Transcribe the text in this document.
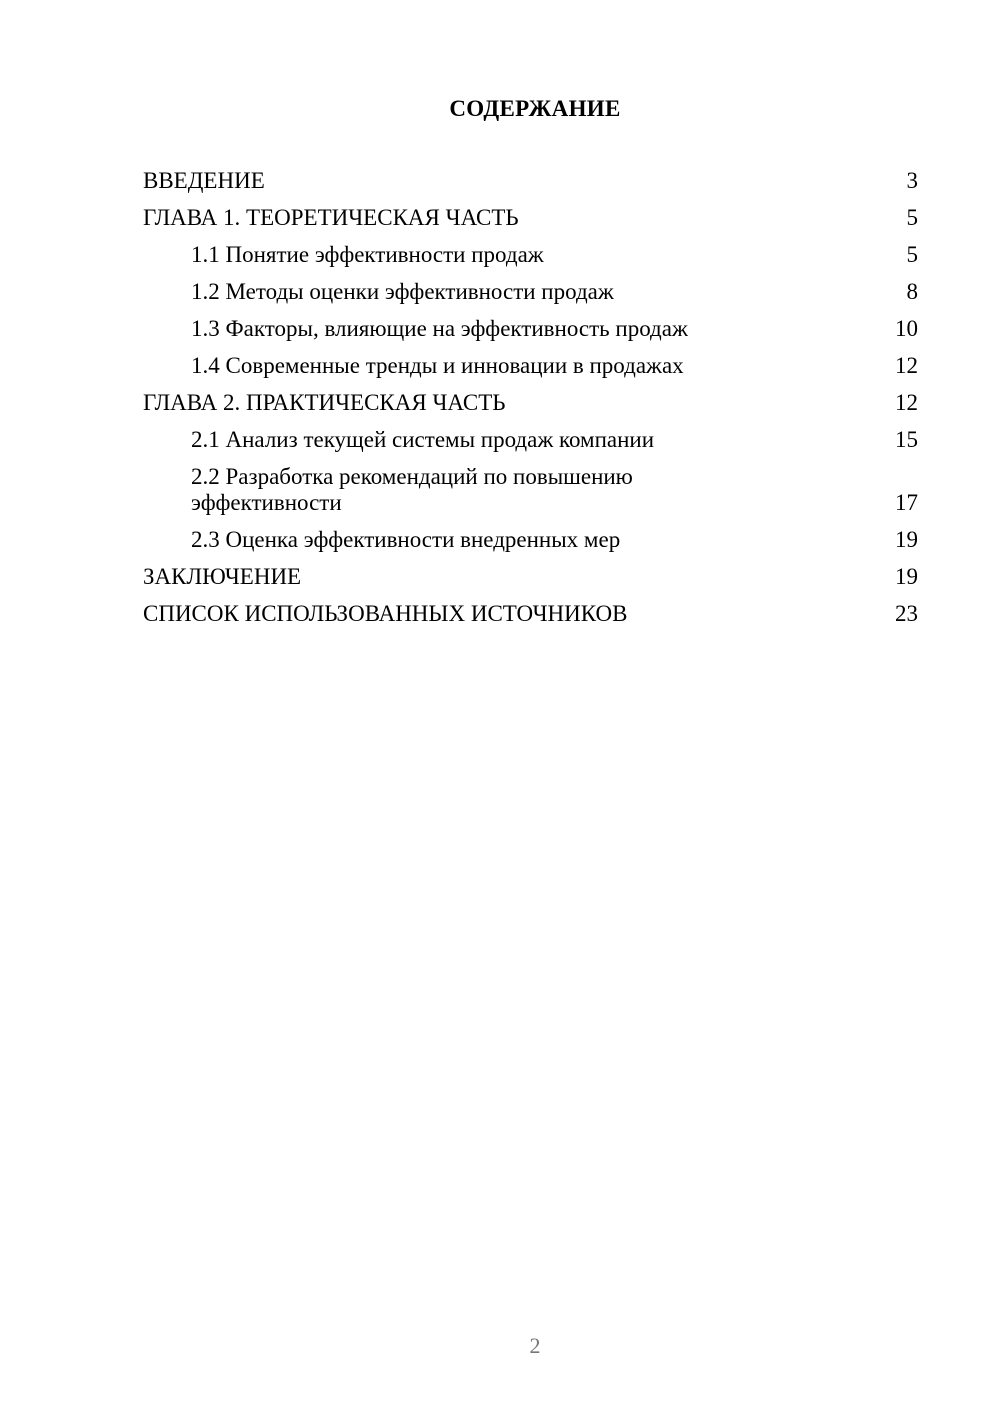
СОДЕРЖАНИЕ
ВВЕДЕНИЕ	3
ГЛАВА 1. ТЕОРЕТИЧЕСКАЯ ЧАСТЬ	5
1.1 Понятие эффективности продаж	5
1.2 Методы оценки эффективности продаж	8
1.3 Факторы, влияющие на эффективность продаж	10
1.4 Современные тренды и инновации в продажах	12
ГЛАВА 2. ПРАКТИЧЕСКАЯ ЧАСТЬ	12
2.1 Анализ текущей системы продаж компании	15
2.2 Разработка рекомендаций по повышению эффективности	17
2.3 Оценка эффективности внедренных мер	19
ЗАКЛЮЧЕНИЕ	19
СПИСОК ИСПОЛЬЗОВАННЫХ ИСТОЧНИКОВ	23
2
